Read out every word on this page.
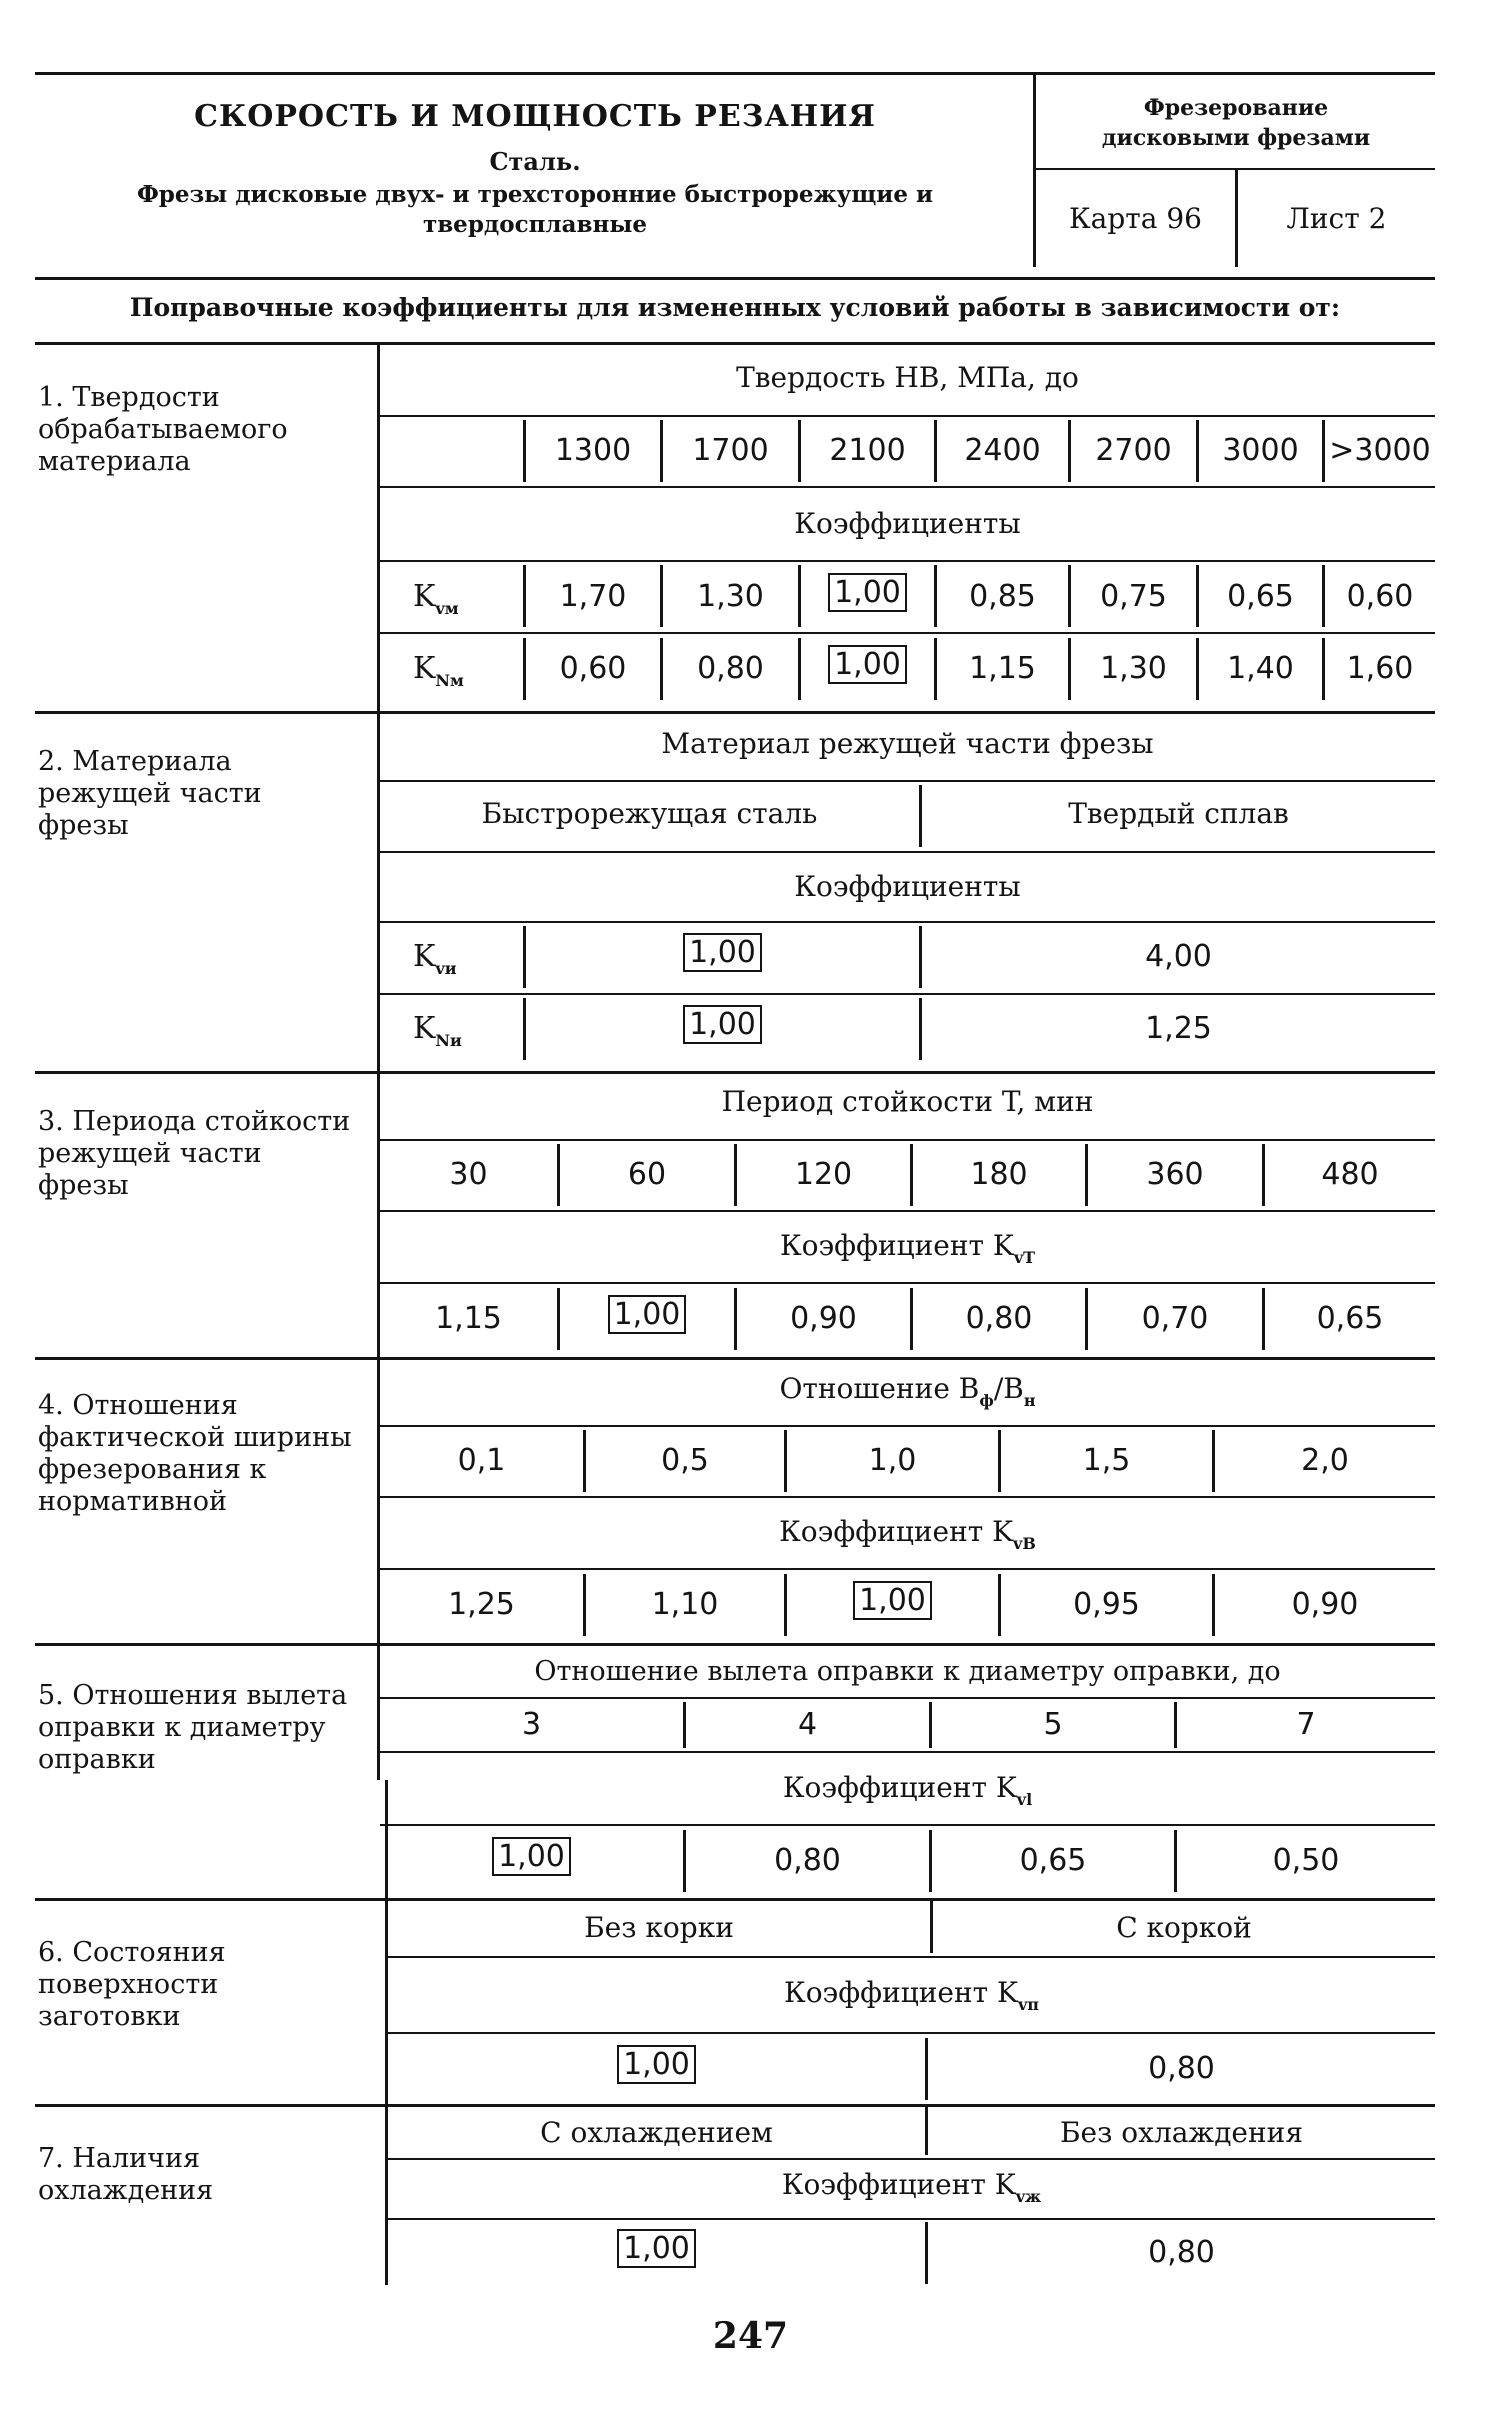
СКОРОСТЬ И МОЩНОСТЬ РЕЗАНИЯ
Сталь.
Фрезы дисковые двух- и трехсторонние быстрорежущие и
твердосплавные
Фрезерование
дисковыми фрезами
Карта 96	Лист 2
Поправочные коэффициенты для измененных условий работы в зависимости от:
1. Твердости обрабатываемого материала
Твердость НВ, МПа, до
1300	1700	2100	2400	2700	3000	>3000
Коэффициенты
$K_{vм}$	1,70	1,30	1,00	0,85	0,75	0,65	0,60
$K_{Nм}$	0,60	0,80	1,00	1,15	1,30	1,40	1,60
2. Материала режущей части фрезы
Материал режущей части фрезы
Быстрорежущая сталь	Твердый сплав
Коэффициенты
$K_{vи}$	1,00	4,00
$K_{Nи}$	1,00	1,25
3. Периода стойкости режущей части фрезы
Период стойкости T, мин
30	60	120	180	360	480
Коэффициент $K_{vT}$
1,15	1,00	0,90	0,80	0,70	0,65
4. Отношения фактической ширины фрезерования к нормативной
Отношение $B_ф/B_н$
0,1	0,5	1,0	1,5	2,0
Коэффициент $K_{vB}$
1,25	1,10	1,00	0,95	0,90
5. Отношения вылета оправки к диаметру оправки
Отношение вылета оправки к диаметру оправки, до
3	4	5	7
Коэффициент $K_{vl}$
1,00	0,80	0,65	0,50
6. Состояния поверхности заготовки
Без корки	С коркой
Коэффициент $K_{vп}$
1,00	0,80
7. Наличия охлаждения
С охлаждением	Без охлаждения
Коэффициент $K_{vж}$
1,00	0,80
247
